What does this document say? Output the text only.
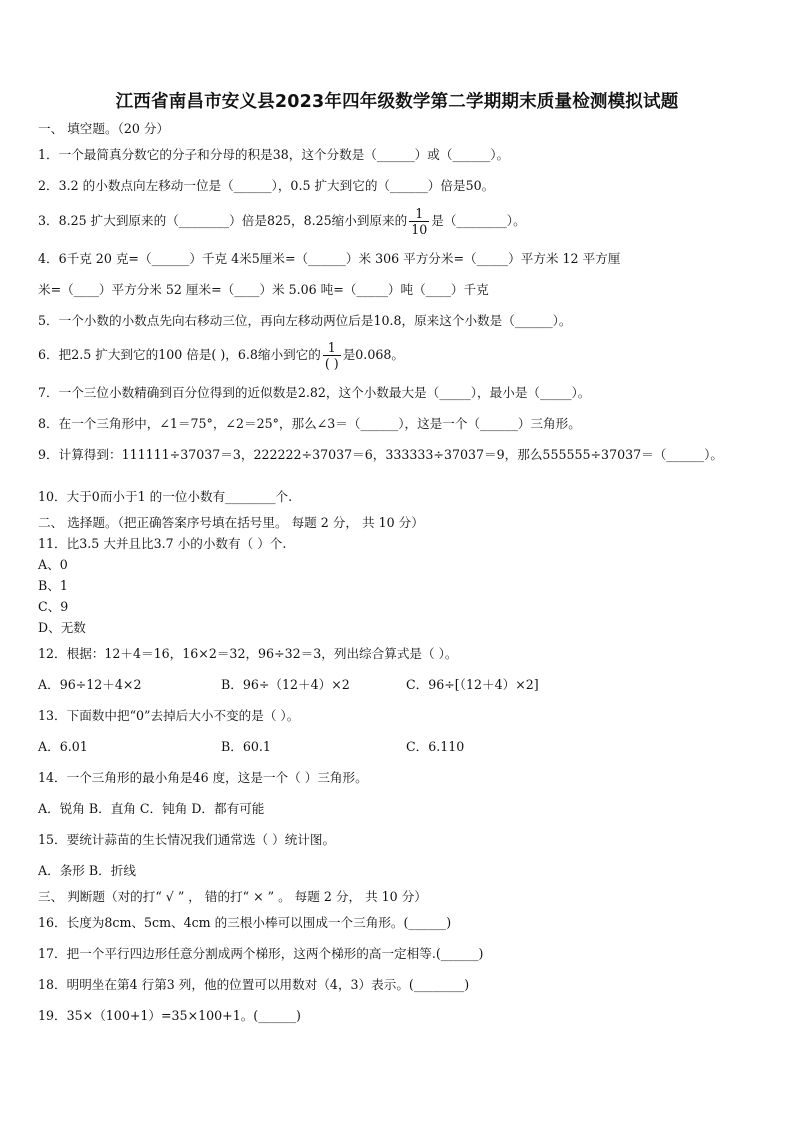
江西省南昌市安义县2023年四年级数学第二学期期末质量检测模拟试题
一、 填空题。（20 分）
1．一个最简真分数它的分子和分母的积是38，这个分数是（______）或（______）。
2．3.2 的小数点向左移动一位是（______），0.5 扩大到它的（______）倍是50。
3．8.25 扩大到原来的（________）倍是825，8.25缩小到原来的 $\frac{1}{10}$ 是（________）。
4．6千克 20 克=（______）千克 4米5厘米=（______）米 306 平方分米=（_____）平方米 12 平方厘
米=（____）平方分米 52 厘米=（____）米 5.06 吨=（_____）吨（____）千克
5．一个小数的小数点先向右移动三位，再向左移动两位后是10.8，原来这个小数是（______）。
6．把2.5 扩大到它的100 倍是( )，6.8缩小到它的 $\frac{1}{( )}$ 是0.068。
7．一个三位小数精确到百分位得到的近似数是2.82，这个小数最大是（_____），最小是（_____）。
8．在一个三角形中，∠1＝75°，∠2＝25°，那么∠3＝（______），这是一个（______）三角形。
9．计算得到：111111÷37037＝3，222222÷37037＝6，333333÷37037＝9，那么555555÷37037＝（______）。
10．大于0而小于1 的一位小数有________个.
二、 选择题。（把正确答案序号填在括号里。 每题 2 分， 共 10 分）
11．比3.5 大并且比3.7 小的小数有（ ）个.
A、0
B、1
C、9
D、无数
12．根据：12＋4＝16，16×2＝32，96÷32＝3，列出综合算式是（ ）。
A．96÷12＋4×2	B．96÷（12＋4）×2	C．96÷[（12＋4）×2]
13．下面数中把“0”去掉后大小不变的是（ ）。
A．6.01	B．60.1	C．6.110
14．一个三角形的最小角是46 度，这是一个（ ）三角形。
A．锐角 B．直角 C．钝角 D．都有可能
15．要统计蒜苗的生长情况我们通常选（ ）统计图。
A．条形 B．折线
三、 判断题（对的打“ √ ” ， 错的打“ × ” 。 每题 2 分， 共 10 分）
16．长度为8cm、5cm、4cm 的三根小棒可以围成一个三角形。(______)
17．把一个平行四边形任意分割成两个梯形，这两个梯形的高一定相等.(______)
18．明明坐在第4 行第3 列，他的位置可以用数对（4，3）表示。(________)
19．35×（100+1）=35×100+1。(______)
